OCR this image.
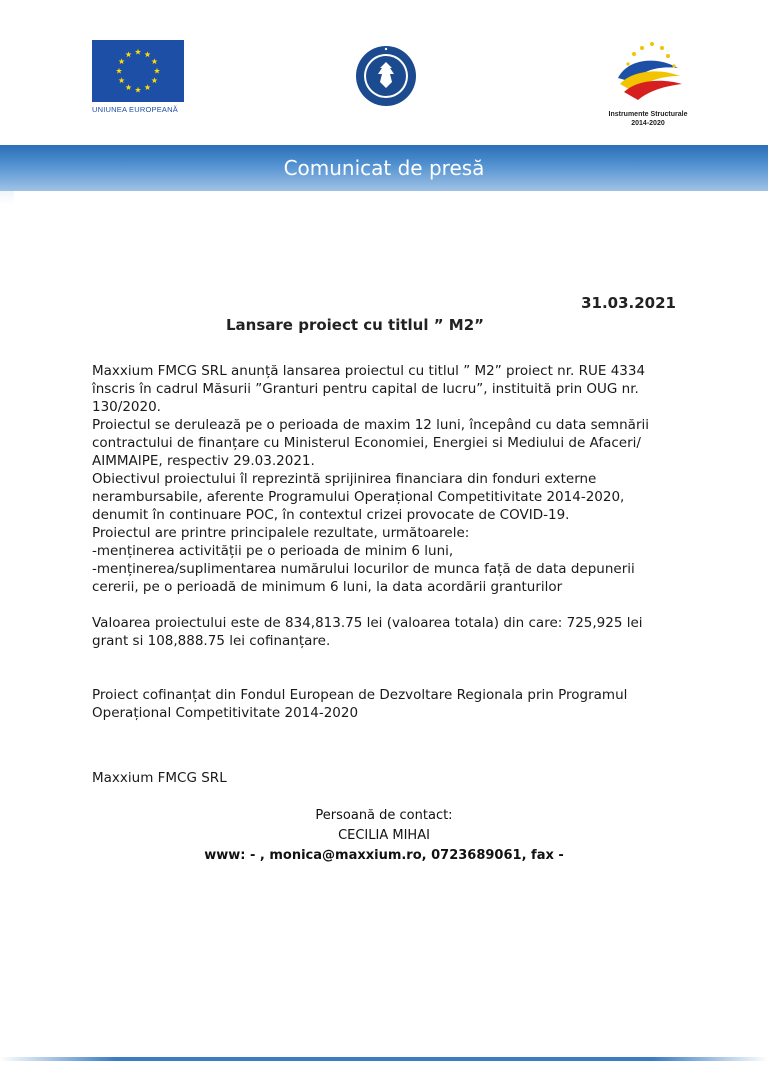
UNIUNEA EUROPEANĂ
Instrumente Structurale
2014-2020
Comunicat de presă
31.03.2021
Lansare proiect cu titlul ” M2”

Maxxium FMCG SRL anunță lansarea proiectul cu titlul ” M2” proiect nr. RUE 4334 înscris în cadrul Măsurii ”Granturi pentru capital de lucru”, instituită prin OUG nr. 130/2020.

Proiectul se derulează pe o perioada de maxim 12 luni, începând cu data semnării contractului de finanțare cu Ministerul Economiei, Energiei si Mediului de Afaceri/ AIMMAIPE, respectiv 29.03.2021.

Obiectivul proiectului îl reprezintă sprijinirea financiara din fonduri externe nerambursabile, aferente Programului Operațional Competitivitate 2014-2020, denumit în continuare POC, în contextul crizei provocate de COVID-19.

Proiectul are printre principalele rezultate, următoarele:

-menținerea activității pe o perioada de minim 6 luni,

-menținerea/suplimentarea numărului locurilor de munca față de data depunerii cererii, pe o perioadă de minimum 6 luni, la data acordării granturilor

Valoarea proiectului este de 834,813.75 lei (valoarea totala) din care: 725,925 lei grant si 108,888.75 lei cofinanțare.

Proiect cofinanțat din Fondul European de Dezvoltare Regionala prin Programul Operațional Competitivitate 2014-2020

Maxxium FMCG SRL
Persoană de contact:
CECILIA MIHAI
www: - , monica@maxxium.ro, 0723689061, fax -
